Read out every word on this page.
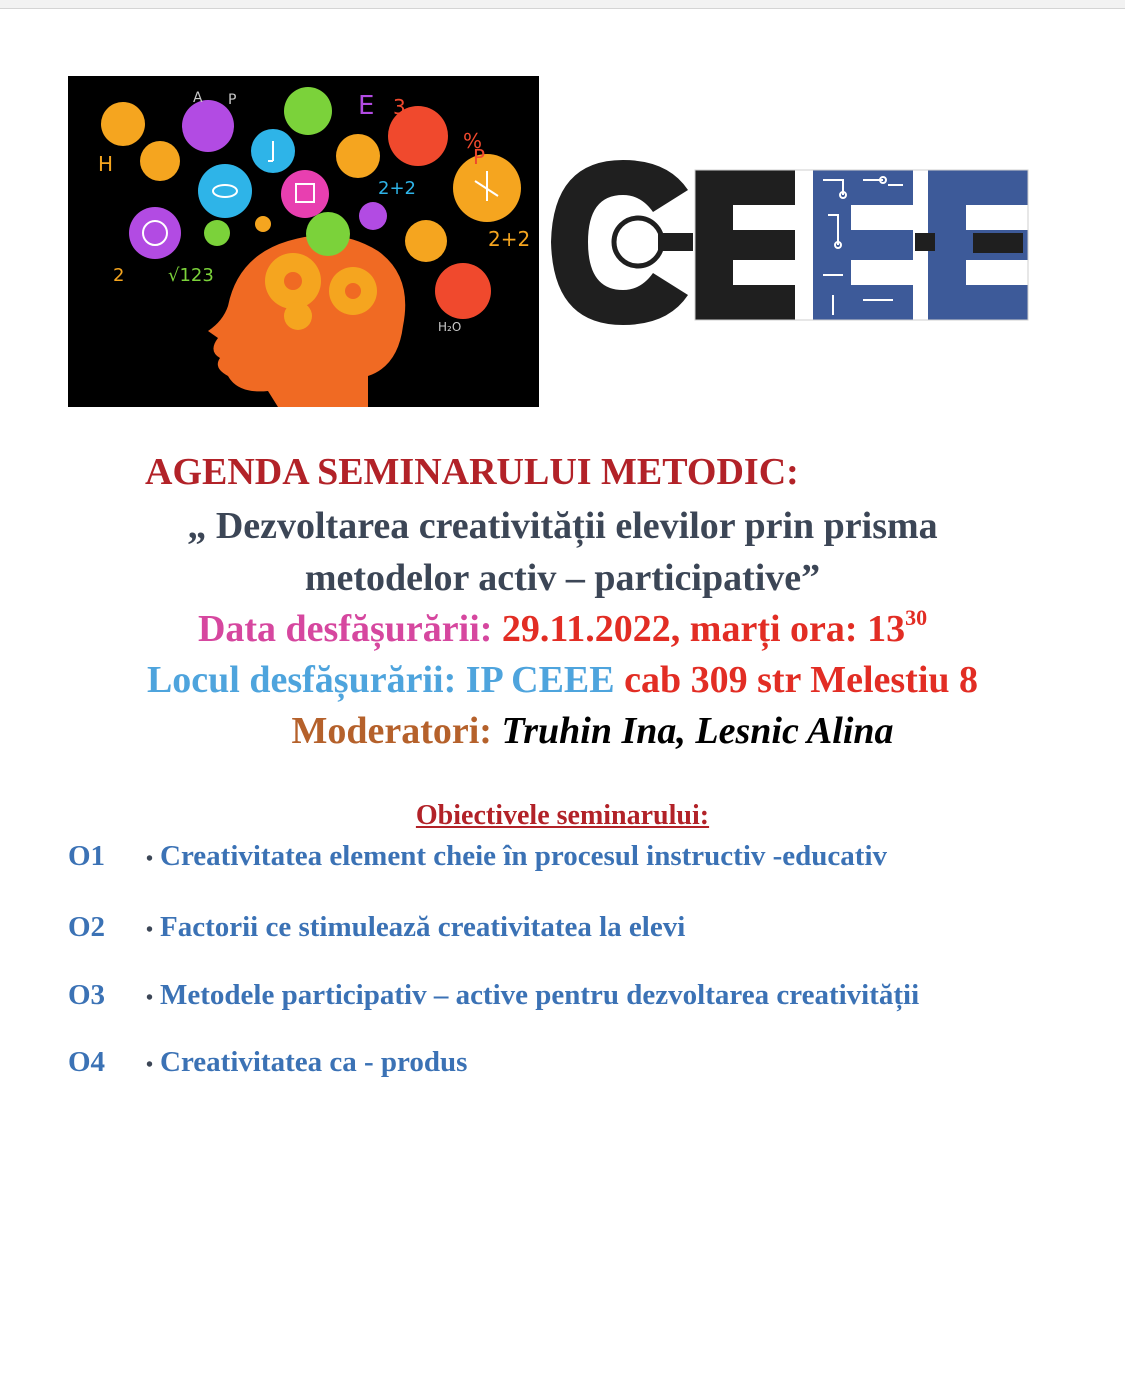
A P	E 3
H
%
P
2+2
2+2
2 √123
H₂O
AGENDA SEMINARULUI METODIC:
„ Dezvoltarea creativității elevilor prin prisma
metodelor activ – participative”
Data desfășurării: 29.11.2022, marți ora: $13^{30}$
Locul desfășurării: IP CEEE cab 309 str Melestiu 8
Moderatori: Truhin Ina, Lesnic Alina
Obiectivele seminarului:
O1 • Creativitatea element cheie în procesul instructiv -educativ
O2 • Factorii ce stimulează creativitatea la elevi
O3 • Metodele participativ – active pentru dezvoltarea creativității
O4 • Creativitatea ca - produs
